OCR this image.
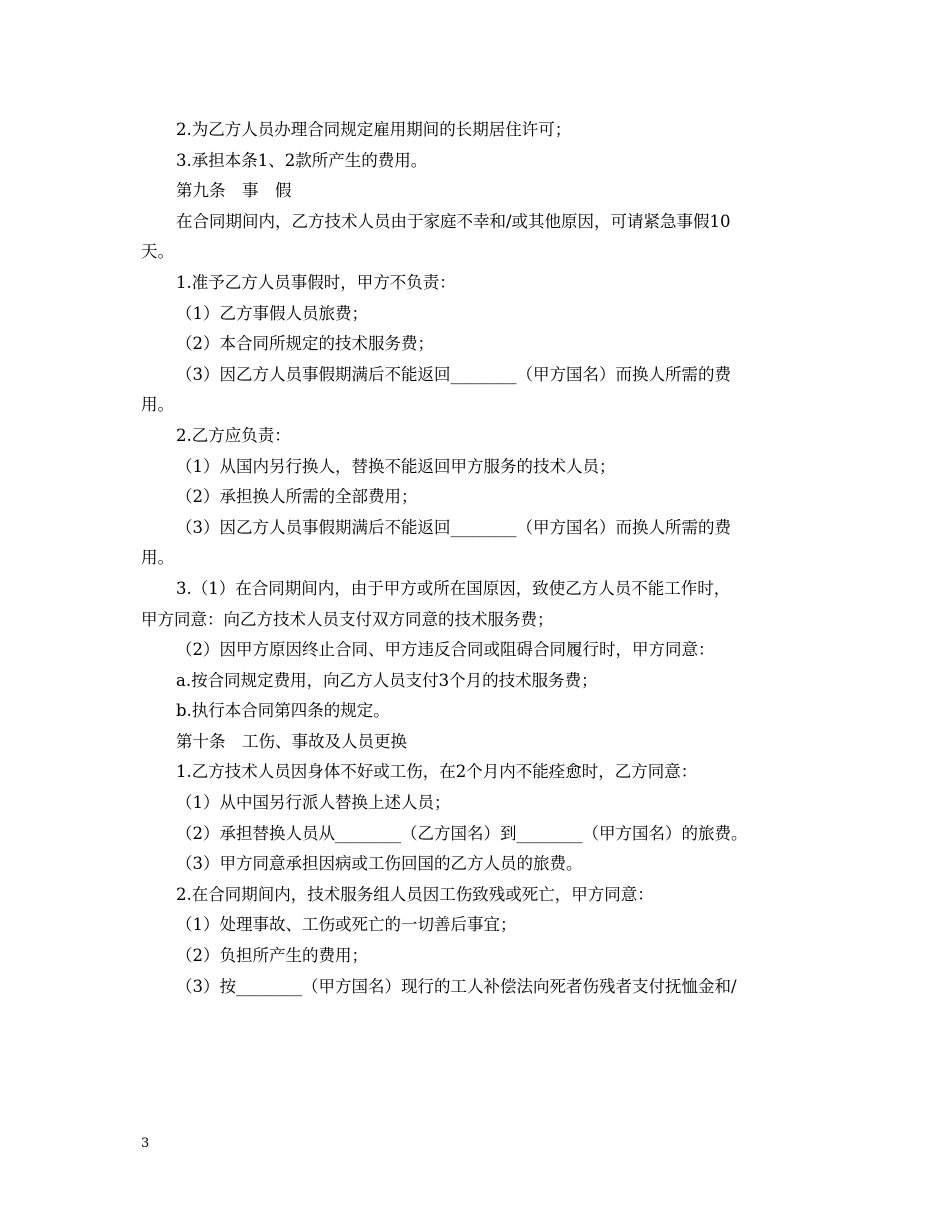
2.为乙方人员办理合同规定雇用期间的长期居住许可；

3.承担本条1、2款所产生的费用。

第九条　事　假

在合同期间内，乙方技术人员由于家庭不幸和/或其他原因，可请紧急事假10

天。

1.准予乙方人员事假时，甲方不负责：

（1）乙方事假人员旅费；

（2）本合同所规定的技术服务费；

（3）因乙方人员事假期满后不能返回________（甲方国名）而换人所需的费

用。

2.乙方应负责：

（1）从国内另行换人，替换不能返回甲方服务的技术人员；

（2）承担换人所需的全部费用；

（3）因乙方人员事假期满后不能返回________（甲方国名）而换人所需的费

用。

3.（1）在合同期间内，由于甲方或所在国原因，致使乙方人员不能工作时，

甲方同意：向乙方技术人员支付双方同意的技术服务费；

（2）因甲方原因终止合同、甲方违反合同或阻碍合同履行时，甲方同意：

a.按合同规定费用，向乙方人员支付3个月的技术服务费；

b.执行本合同第四条的规定。

第十条　工伤、事故及人员更换

1.乙方技术人员因身体不好或工伤，在2个月内不能痊愈时，乙方同意：

（1）从中国另行派人替换上述人员；

（2）承担替换人员从________（乙方国名）到________（甲方国名）的旅费。

（3）甲方同意承担因病或工伤回国的乙方人员的旅费。

2.在合同期间内，技术服务组人员因工伤致残或死亡，甲方同意：

（1）处理事故、工伤或死亡的一切善后事宜；

（2）负担所产生的费用；

（3）按________（甲方国名）现行的工人补偿法向死者伤残者支付抚恤金和/

3
